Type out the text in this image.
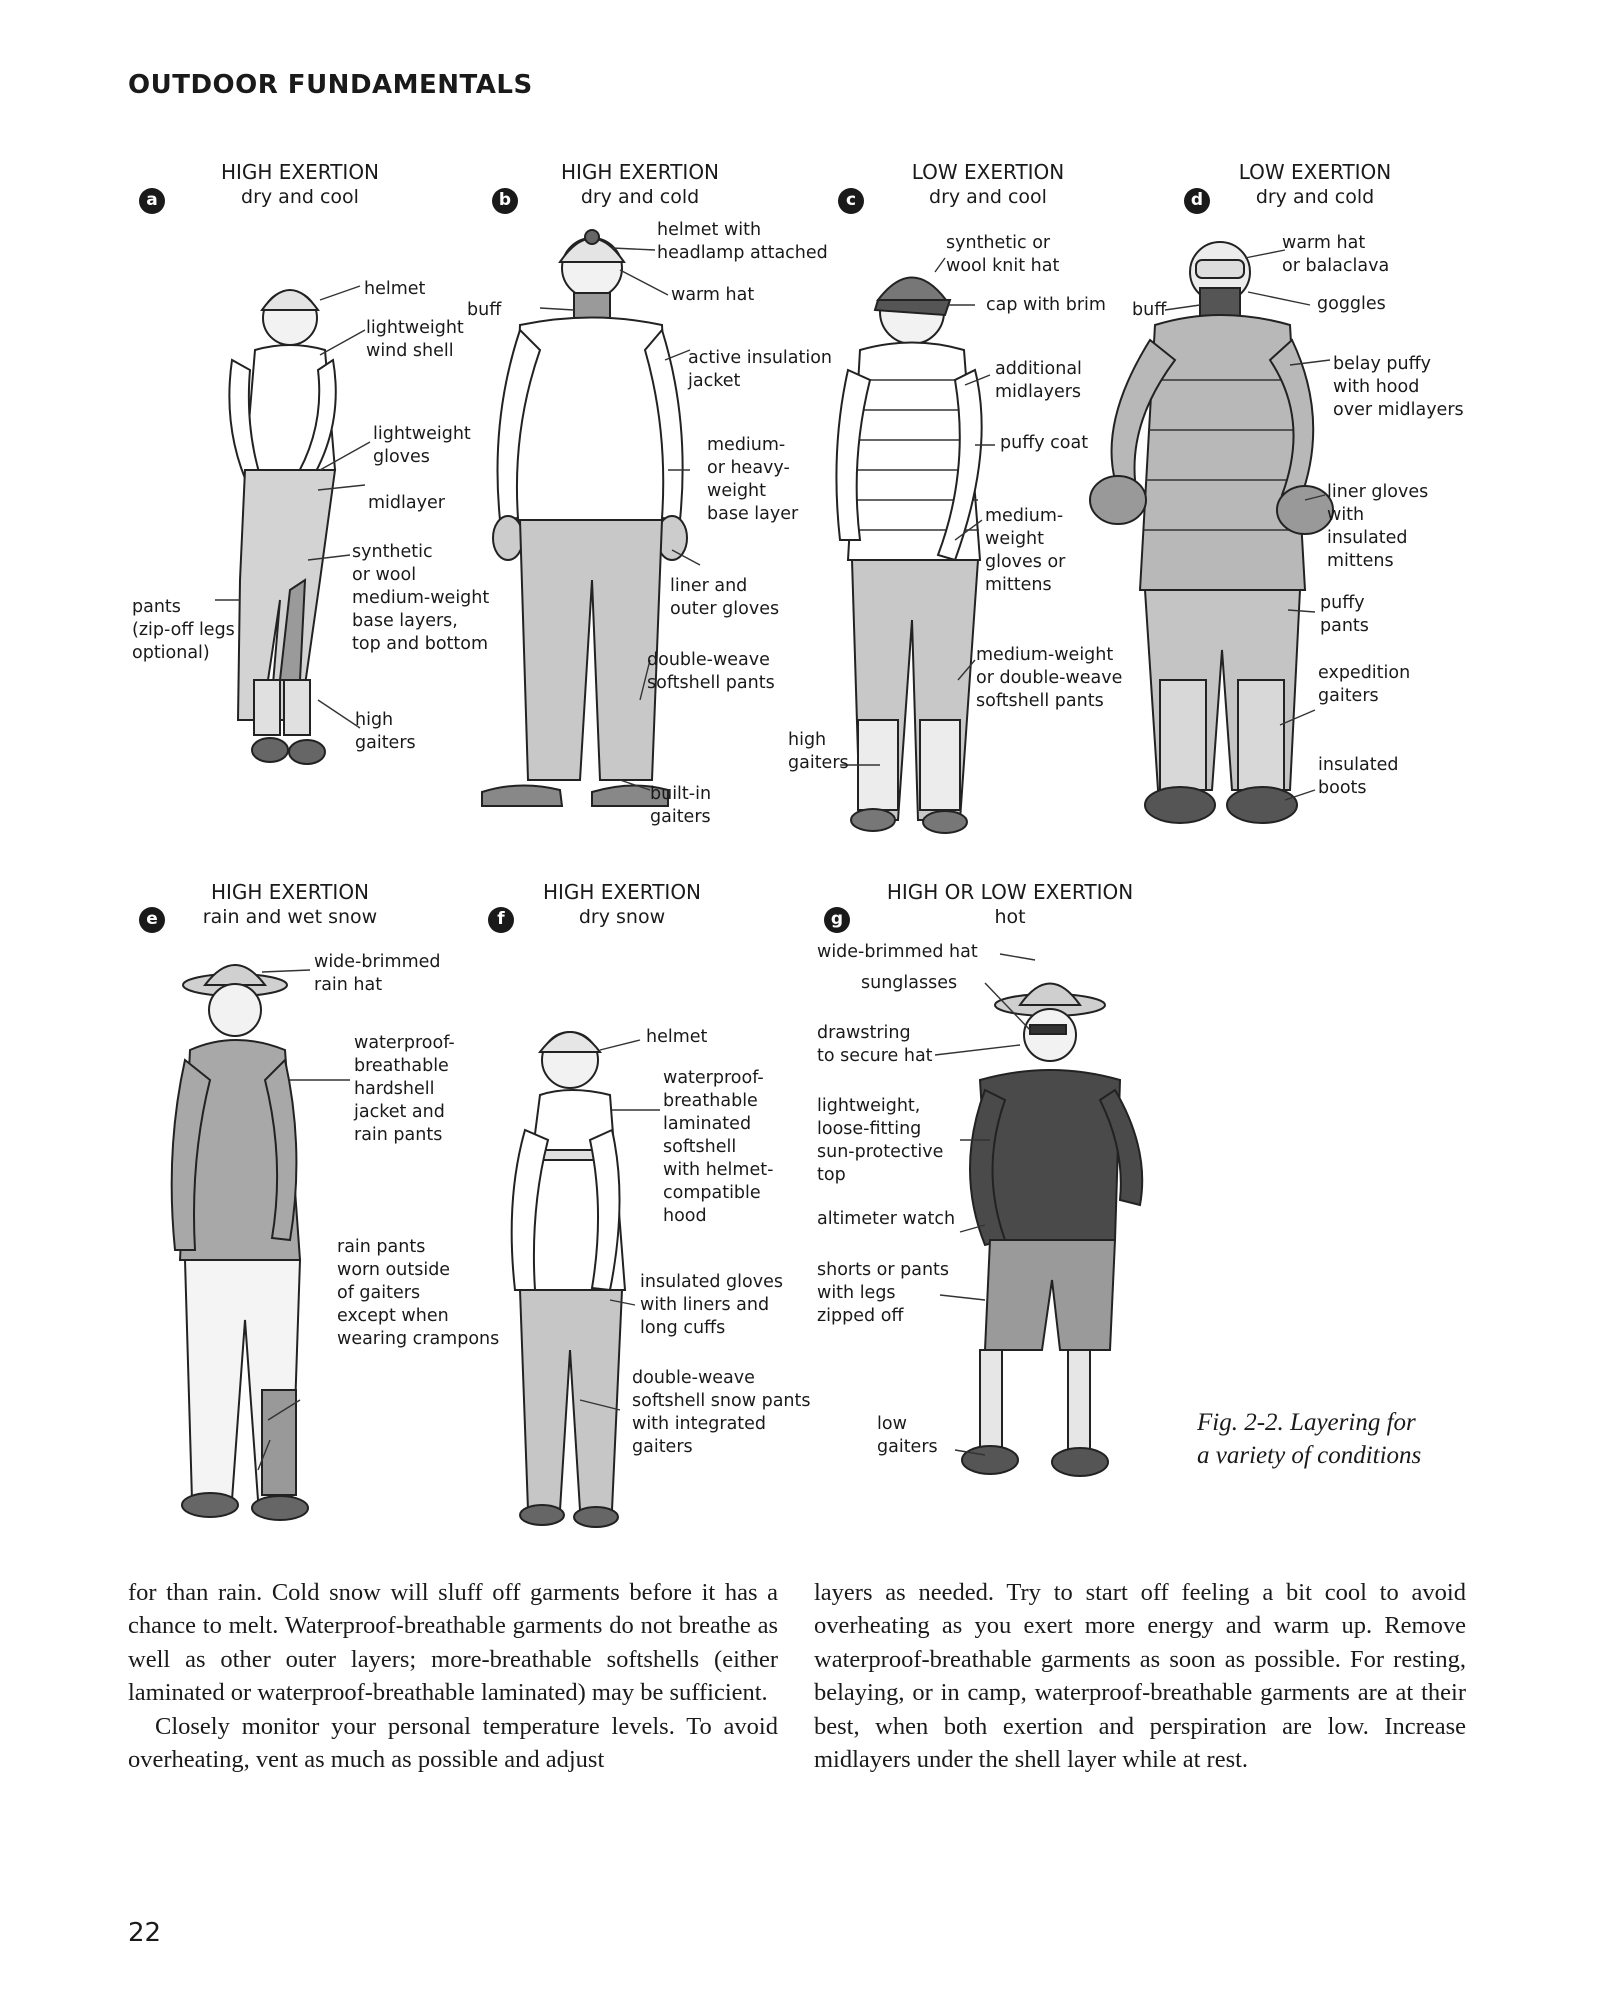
OUTDOOR FUNDAMENTALS
a
HIGH EXERTION
dry and cool	b
HIGH EXERTION
dry and cold	c
LOW EXERTION
dry and cool	d
LOW EXERTION
dry and cold
e
HIGH EXERTION
rain and wet snow	f
HIGH EXERTION
dry snow	g
HIGH OR LOW EXERTION
hot
helmet
lightweight
wind shell
lightweight
gloves
midlayer
synthetic
or wool
medium-weight
base layers,
top and bottom
pants
(zip-off legs
optional)
high
gaiters
helmet with
headlamp attached
warm hat
buff
active insulation
jacket
medium-
or heavy-
weight
base layer
liner and
outer gloves
double-weave
softshell pants
built-in
gaiters
synthetic or
wool knit hat
cap with brim
additional
midlayers
puffy coat
medium-
weight
gloves or
mittens
medium-weight
or double-weave
softshell pants
high
gaiters
warm hat
or balaclava
goggles
buff
belay puffy
with hood
over midlayers
liner gloves
with
insulated
mittens
puffy
pants
expedition
gaiters
insulated
boots
wide-brimmed
rain hat
waterproof-
breathable
hardshell
jacket and
rain pants
rain pants
worn outside
of gaiters
except when
wearing crampons
helmet
waterproof-
breathable
laminated
softshell
with helmet-
compatible
hood
insulated gloves
with liners and
long cuffs
double-weave
softshell snow pants
with integrated
gaiters
wide-brimmed hat
sunglasses
drawstring
to secure hat
lightweight,
loose-fitting
sun-protective
top
altimeter watch
shorts or pants
with legs
zipped off
low
gaiters
Fig. 2-2. Layering for
a variety of conditions

for than rain. Cold snow will sluff off garments before it has a chance to melt. Waterproof-breathable garments do not breathe as well as other outer layers; more-breathable softshells (either laminated or waterproof-breathable laminated) may be sufficient.

Closely monitor your personal temperature levels. To avoid overheating, vent as much as possible and adjust

layers as needed. Try to start off feeling a bit cool to avoid overheating as you exert more energy and warm up. Remove waterproof-breathable garments as soon as possible. For resting, belaying, or in camp, waterproof-breathable garments are at their best, when both exertion and perspiration are low. Increase midlayers under the shell layer while at rest.

22
